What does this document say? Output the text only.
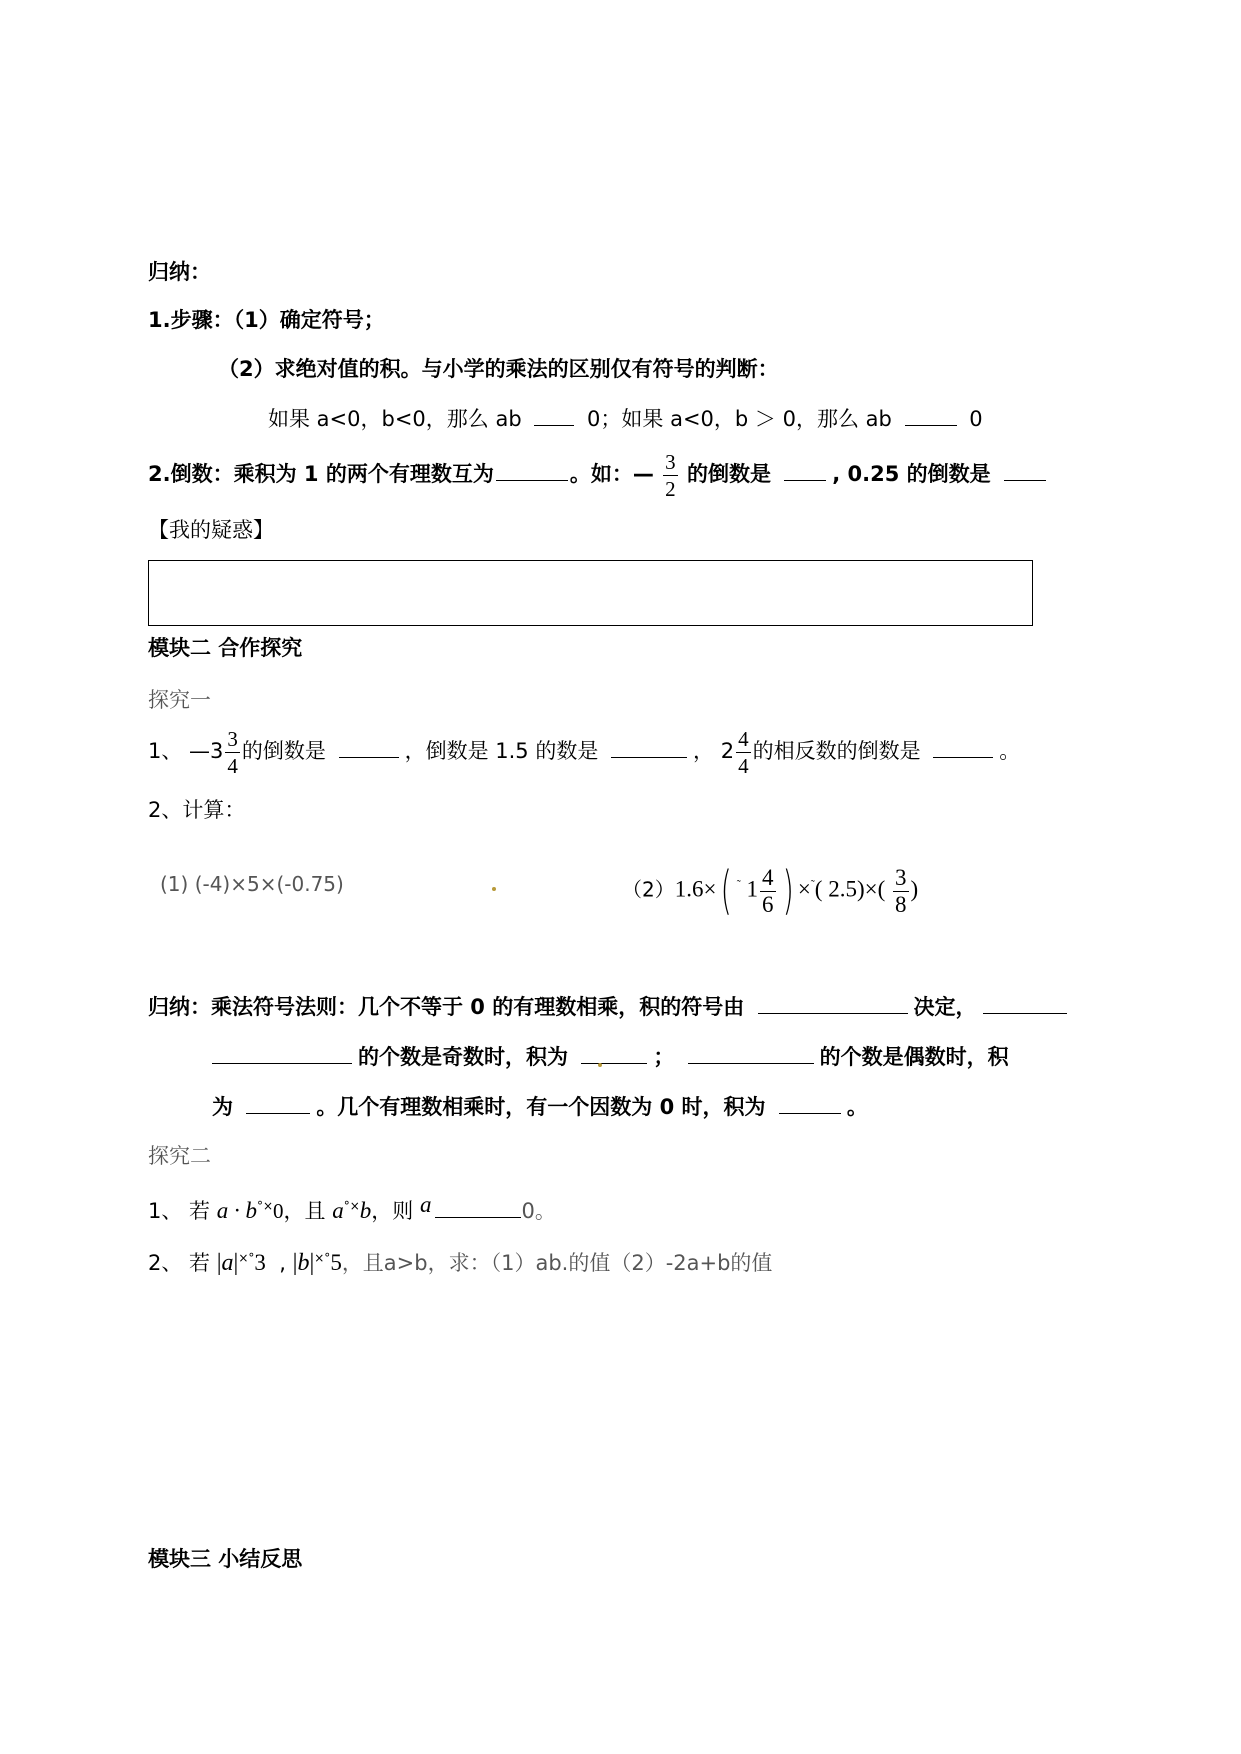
归纳：
1.步骤：（1）确定符号；
（2）求绝对值的积。与小学的乘法的区别仅有符号的判断：
如果 a<0，b<0，那么 ab	0；如果 a<0，b ＞ 0，那么 ab	0
2.倒数：乘积为 1 的两个有理数互为	。如：— $\frac{3}{2}$ 的倒数是	, 0.25 的倒数是
【我的疑惑】
模块二 合作探究
探究一
1、 —3 $\frac{3}{4}$ 的倒数是	，倒数是 1.5 的数是	， $2 \frac{4}{4}$ 的相反数的倒数是	。
2、计算：
(1) (-4)×5×(-0.75)	（2）1.6×( ˜ $1 \frac{4}{6}$ ) ×˜( $2.5)\times( \frac{3}{8}$ )
归纳：乘法符号法则：几个不等于 0 的有理数相乘，积的符号由	决定，
的个数是奇数时，积为	；	的个数是偶数时，积
为	。几个有理数相乘时，有一个因数为 0 时，积为	。
探究二
1、 若 a · b°×0，且 a°×b，则 a	0。
2、 若 |a|×°3  , |b|×°5，且a>b，求：（1）ab.的值（2）-2a+b的值
模块三 小结反思
